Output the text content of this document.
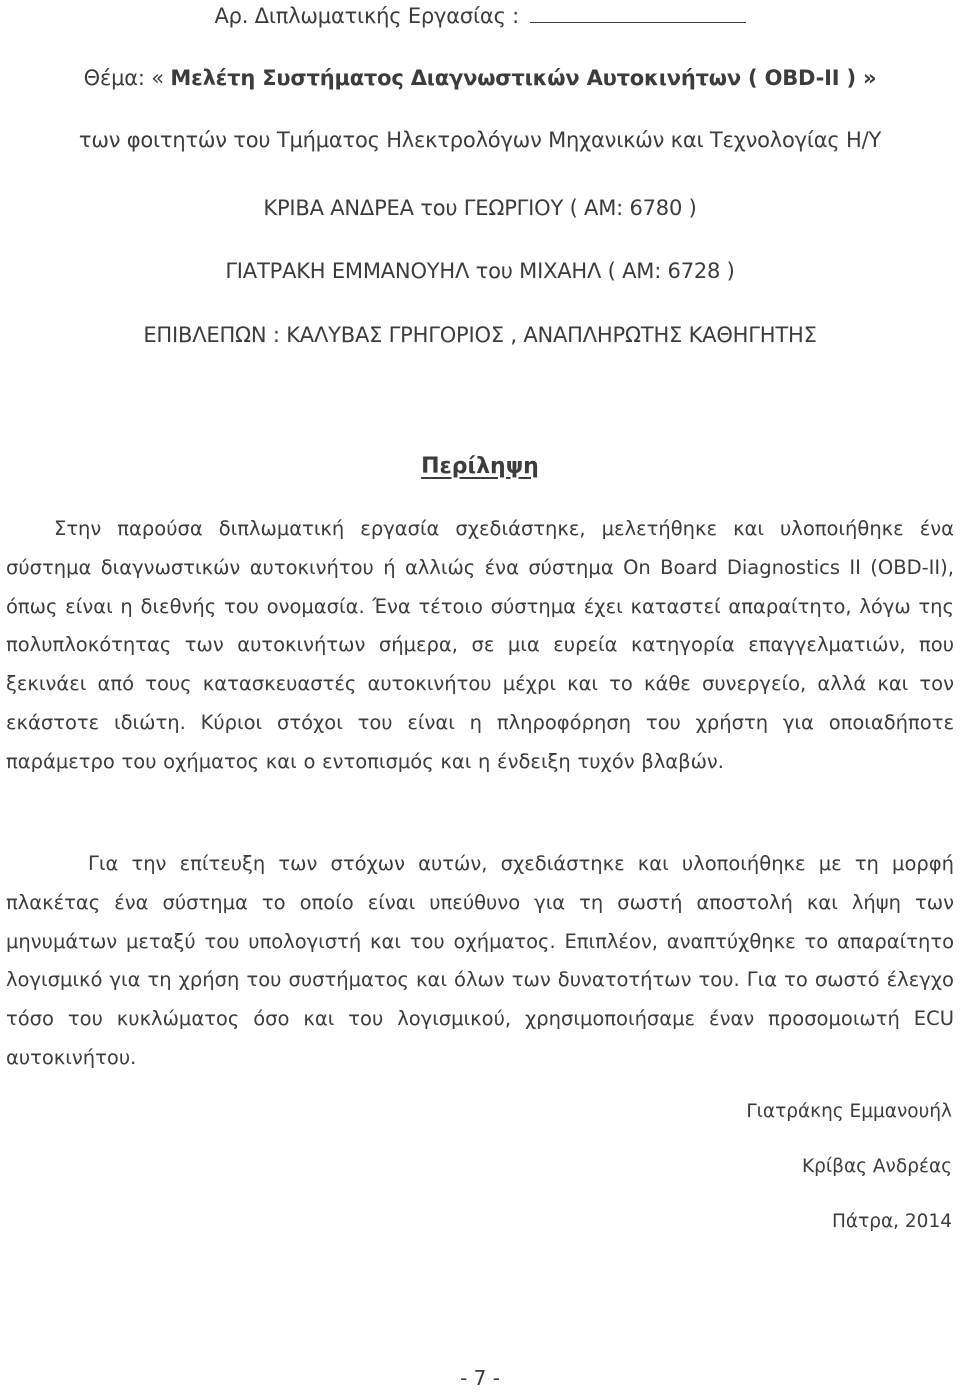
Αρ. Διπλωματικής Εργασίας :
Θέμα: « Μελέτη Συστήματος Διαγνωστικών Αυτοκινήτων ( OBD-II ) »
των φοιτητών του Τμήματος Ηλεκτρολόγων Μηχανικών και Τεχνολογίας Η/Υ
ΚΡΙΒΑ ΑΝΔΡΕΑ του ΓΕΩΡΓΙΟΥ ( ΑΜ: 6780 )
ΓΙΑΤΡΑΚΗ ΕΜΜΑΝΟΥΗΛ του ΜΙΧΑΗΛ ( ΑΜ: 6728 )
ΕΠΙΒΛΕΠΩΝ : ΚΑΛΥΒΑΣ ΓΡΗΓΟΡΙΟΣ , ΑΝΑΠΛΗΡΩΤΗΣ ΚΑΘΗΓΗΤΗΣ
Περίληψη

Στην παρούσα διπλωματική εργασία σχεδιάστηκε, μελετήθηκε και υλοποιήθηκε ένα σύστημα διαγνωστικών αυτοκινήτου ή αλλιώς ένα σύστημα On Board Diagnostics II (OBD-II), όπως είναι η διεθνής του ονομασία. Ένα τέτοιο σύστημα έχει καταστεί απαραίτητο, λόγω της πολυπλοκότητας των αυτοκινήτων σήμερα, σε μια ευρεία κατηγορία επαγγελματιών, που ξεκινάει από τους κατασκευαστές αυτοκινήτου μέχρι και το κάθε συνεργείο, αλλά και τον εκάστοτε ιδιώτη. Κύριοι στόχοι του είναι η πληροφόρηση του χρήστη για οποιαδήποτε παράμετρο του οχήματος και ο εντοπισμός και η ένδειξη τυχόν βλαβών.

Για την επίτευξη των στόχων αυτών, σχεδιάστηκε και υλοποιήθηκε με τη μορφή πλακέτας ένα σύστημα το οποίο είναι υπεύθυνο για τη σωστή αποστολή και λήψη των μηνυμάτων μεταξύ του υπολογιστή και του οχήματος. Επιπλέον, αναπτύχθηκε το απαραίτητο λογισμικό για τη χρήση του συστήματος και όλων των δυνατοτήτων του. Για το σωστό έλεγχο τόσο του κυκλώματος όσο και του λογισμικού, χρησιμοποιήσαμε έναν προσομοιωτή ECU αυτοκινήτου.

Γιατράκης Εμμανουήλ
Κρίβας Ανδρέας
Πάτρα, 2014
- 7 -
